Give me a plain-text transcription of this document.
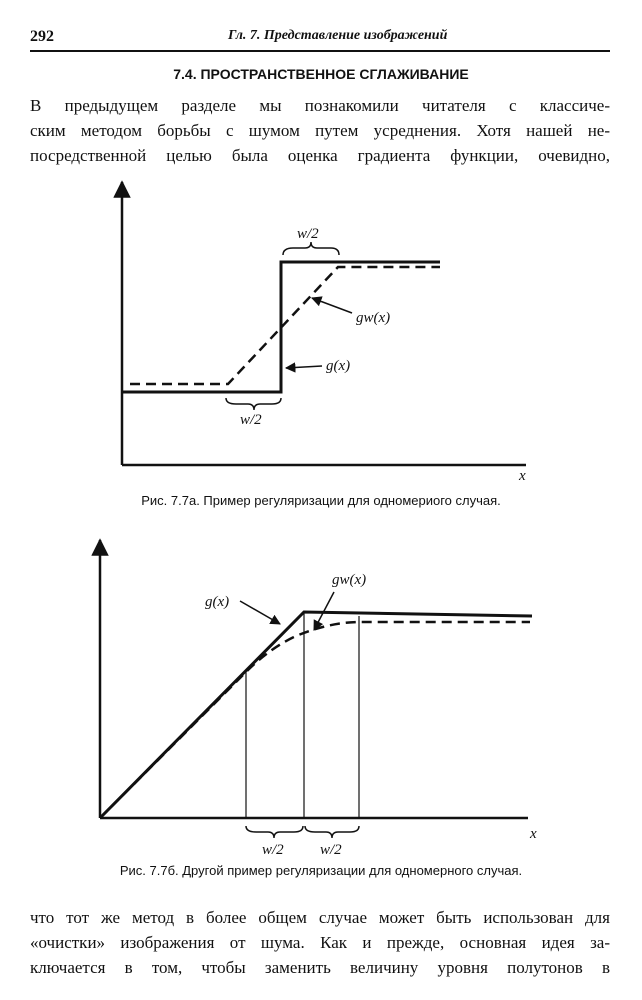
292	Гл. 7. Представление изображений
7.4. ПРОСТРАНСТВЕННОЕ СГЛАЖИВАНИЕ
В предыдущем разделе мы познакомили читателя с классиче-
ским методом борьбы с шумом путем усреднения. Хотя нашей не-
посредственной целью была оценка градиента функции, очевидно,
w/2
w/2
gw(x)
g(x)
x
w/2 w/2
g(x)
gw(x)
x
Рис. 7.7а. Пример регуляризации для одномериого случая.
Рис. 7.7б. Другой пример регуляризации для одномерного случая.
что тот же метод в более общем случае может быть использован для
«очистки» изображения от шума. Как и прежде, основная идея за-
ключается в том, чтобы заменить величину уровня полутонов в
